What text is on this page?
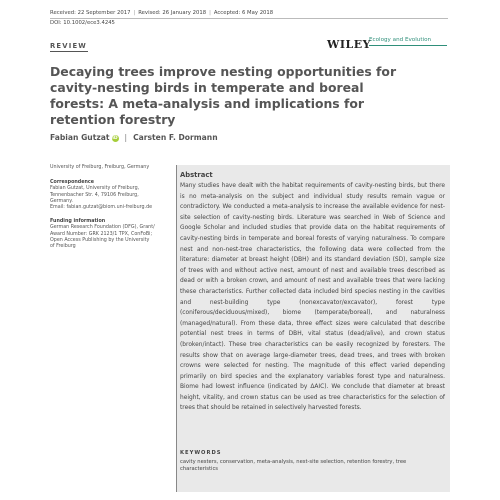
Received: 22 September 2017 | Revised: 26 January 2018 | Accepted: 6 May 2018
DOI: 10.1002/ece3.4245
REVIEW	WILEY
Ecology and Evolution
Decaying trees improve nesting opportunities for cavity-nesting birds in temperate and boreal forests: A meta-analysis and implications for retention forestry
Fabian Gutzat iD | Carsten F. Dormann
University of Freiburg, Freiburg, Germany
Correspondence
Fabian Gutzat, University of Freiburg,
Tennenbacher Str. 4, 79106 Freiburg,
Germany.
Email: fabian.gutzat@biom.uni-freiburg.de
Funding information
German Research Foundation (DFG), Grant/
Award Number: GRK 2123/1 TPX, ConFoBi;
Open Access Publishing by the University
of Freiburg
Abstract
Many studies have dealt with the habitat requirements of cavity-nesting birds, but there is no meta-analysis on the subject and individual study results remain vague or contradictory. We conducted a meta-analysis to increase the available evidence for nest-site selection of cavity-nesting birds. Literature was searched in Web of Science and Google Scholar and included studies that provide data on the habitat requirements of cavity-nesting birds in temperate and boreal forests of varying naturalness. To compare nest and non-nest-tree characteristics, the following data were collected from the literature: diameter at breast height (DBH) and its standard deviation (SD), sample size of trees with and without active nest, amount of nest and available trees described as dead or with a broken crown, and amount of nest and available trees that were lacking these characteristics. Further collected data included bird species nesting in the cavities and nest-building type (nonexcavator/excavator), forest type (coniferous/deciduous/mixed), biome (temperate/boreal), and naturalness (managed/natural). From these data, three effect sizes were calculated that describe potential nest trees in terms of DBH, vital status (dead/alive), and crown status (broken/intact). These tree characteristics can be easily recognized by foresters. The results show that on average large-diameter trees, dead trees, and trees with broken crowns were selected for nesting. The magnitude of this effect varied depending primarily on bird species and the explanatory variables forest type and naturalness. Biome had lowest influence (indicated by ΔAIC). We conclude that diameter at breast height, vitality, and crown status can be used as tree characteristics for the selection of trees that should be retained in selectively harvested forests.
KEYWORDS
cavity nesters, conservation, meta-analysis, nest-site selection, retention forestry, tree characteristics
